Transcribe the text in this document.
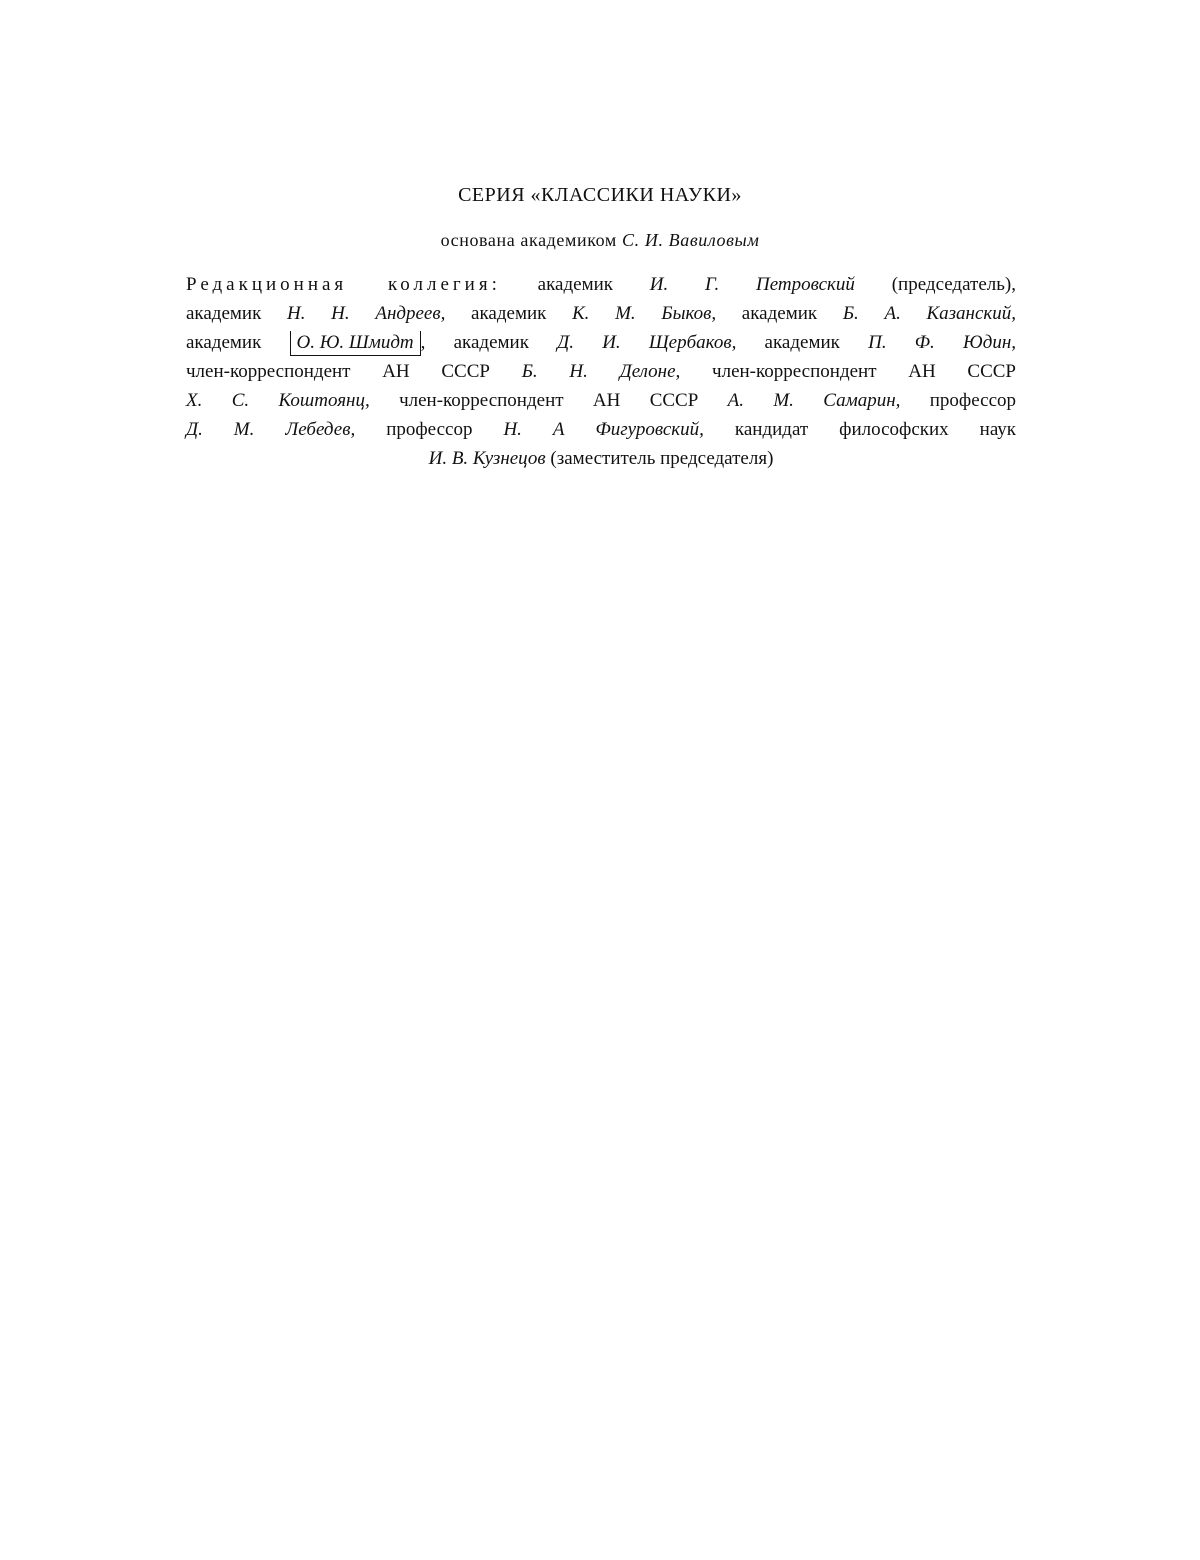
СЕРИЯ «КЛАССИКИ НАУКИ»
основана академиком С. И. Вавиловым
Редакционная коллегия: академик И. Г. Петровский (председатель),
академик Н. Н. Андреев, академик К. М. Быков, академик Б. А. Казанский,
академик О. Ю. Шмидт , академик Д. И. Щербаков, академик П. Ф. Юдин,
член-корреспондент АН СССР Б. Н. Делоне, член-корреспондент АН СССР
Х. С. Коштоянц, член-корреспондент АН СССР А. М. Самарин, профессор
Д. М. Лебедев, профессор Н. А Фигуровский, кандидат философских наук
И. В. Кузнецов (заместитель председателя)
